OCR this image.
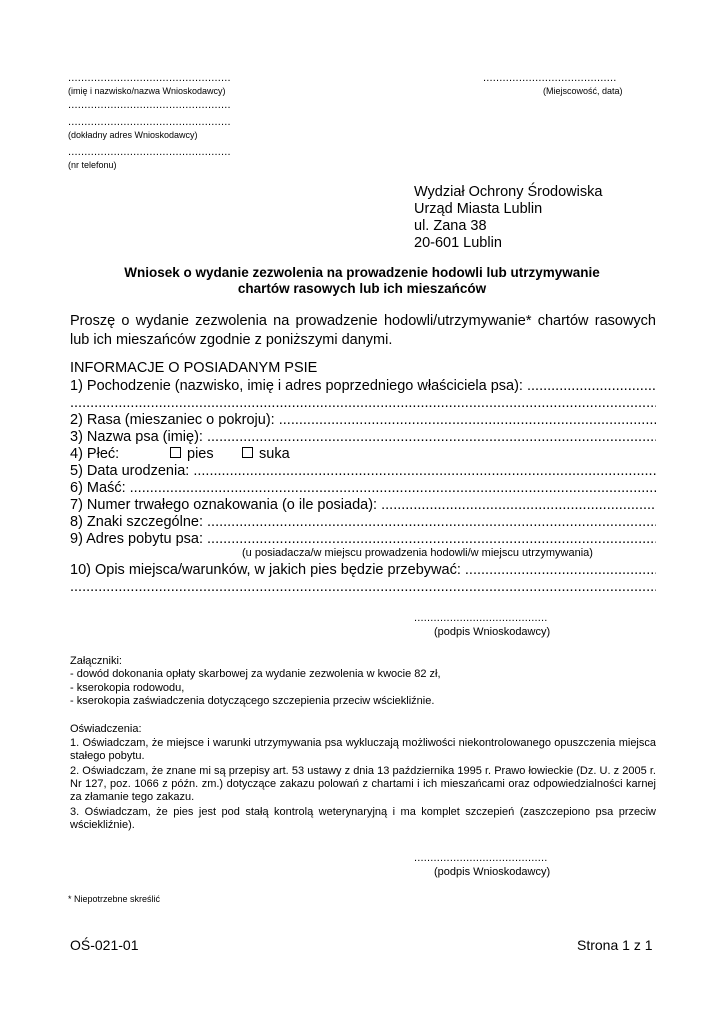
..................................................
(imię i nazwisko/nazwa Wnioskodawcy)
.........................................
(Miejscowość, data)
..................................................
..................................................
(dokładny adres Wnioskodawcy)
..................................................
(nr telefonu)
Wydział Ochrony Środowiska
Urząd Miasta Lublin
ul. Zana 38
20-601 Lublin
Wniosek o wydanie zezwolenia na prowadzenie hodowli lub utrzymywanie
chartów rasowych lub ich mieszańców
Proszę o wydanie zezwolenia na prowadzenie hodowli/utrzymywanie* chartów rasowych lub ich mieszańców zgodnie z poniższymi danymi.
INFORMACJE O POSIADANYM PSIE
1) Pochodzenie (nazwisko, imię i adres poprzedniego właściciela psa):
.....
.....
2) Rasa (mieszaniec o pokroju):
.....
3) Nazwa psa (imię):
.....
4) Płeć:	pies	suka
5) Data urodzenia:
.....
6) Maść:
.....
7) Numer trwałego oznakowania (o ile posiada):
.....
8) Znaki szczególne:
.....
9) Adres pobytu psa:
.....
(u posiadacza/w miejscu prowadzenia hodowli/w miejscu utrzymywania)
10) Opis miejsca/warunków, w jakich pies będzie przebywać:
.....
.....
.........................................
(podpis Wnioskodawcy)
Załączniki:
- dowód dokonania opłaty skarbowej za wydanie zezwolenia w kwocie 82 zł,
- kserokopia rodowodu,
- kserokopia zaświadczenia dotyczącego szczepienia przeciw wściekliźnie.
Oświadczenia:
1. Oświadczam, że miejsce i warunki utrzymywania psa wykluczają możliwości niekontrolowanego opuszczenia miejsca stałego pobytu.
2. Oświadczam, że znane mi są przepisy art. 53 ustawy z dnia 13 października 1995 r. Prawo łowieckie (Dz. U. z 2005 r. Nr 127, poz. 1066 z późn. zm.) dotyczące zakazu polowań z chartami i ich mieszańcami oraz odpowiedzialności karnej za złamanie tego zakazu.
3. Oświadczam, że pies jest pod stałą kontrolą weterynaryjną i ma komplet szczepień (zaszczepiono psa przeciw wściekliźnie).
.........................................
(podpis Wnioskodawcy)
* Niepotrzebne skreślić
OŚ-021-01	Strona 1 z 1
